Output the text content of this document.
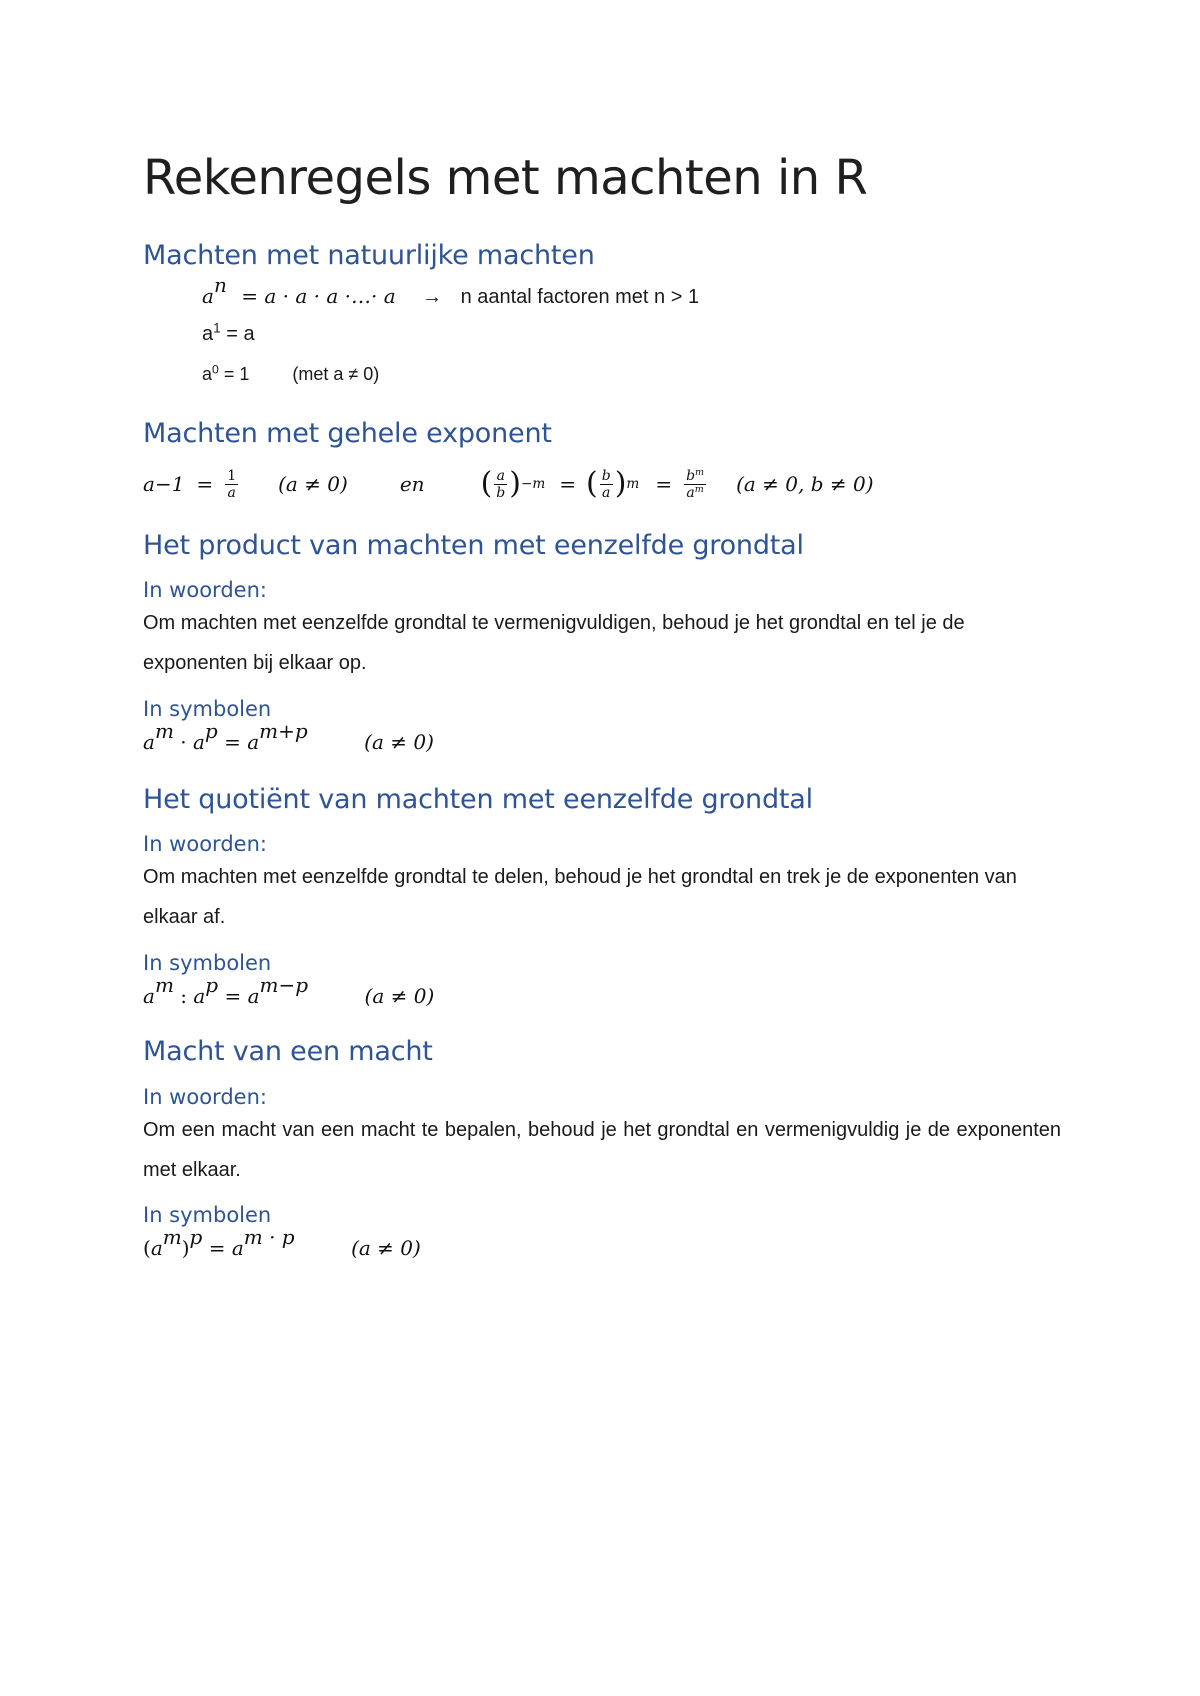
Rekenregels met machten in R
Machten met natuurlijke machten
$a^n = a \cdot a \cdot a$ ·…· a → n aantal factoren met n > 1
$a^1 = a$
$a^0 = 1$ (met a ≠ 0)
Machten met gehele exponent
$a -1 = \frac{1}{a} (a \ne 0)$	en ( $\frac{a}{b}$ ) −m = ( $\frac{b}{a}$ ) $m = \frac{b^m}{a^m} (a \ne 0$, b ≠ 0)
Het product van machten met eenzelfde grondtal
In woorden:
Om machten met eenzelfde grondtal te vermenigvuldigen, behoud je het grondtal en tel je de exponenten bij elkaar op.
In symbolen
$a^m \cdot a^p = a^{m+p}$	(a ≠ 0)
Het quotiënt van machten met eenzelfde grondtal
In woorden:
Om machten met eenzelfde grondtal te delen, behoud je het grondtal en trek je de exponenten van elkaar af.
In symbolen
$a^m$ : $a^p = a^{m-p}$	(a ≠ 0)
Macht van een macht
In woorden:
Om een macht van een macht te bepalen, behoud je het grondtal en vermenigvuldig je de exponenten met elkaar.
In symbolen
$(a^m)^p = a^{m \cdot p}$	(a ≠ 0)
